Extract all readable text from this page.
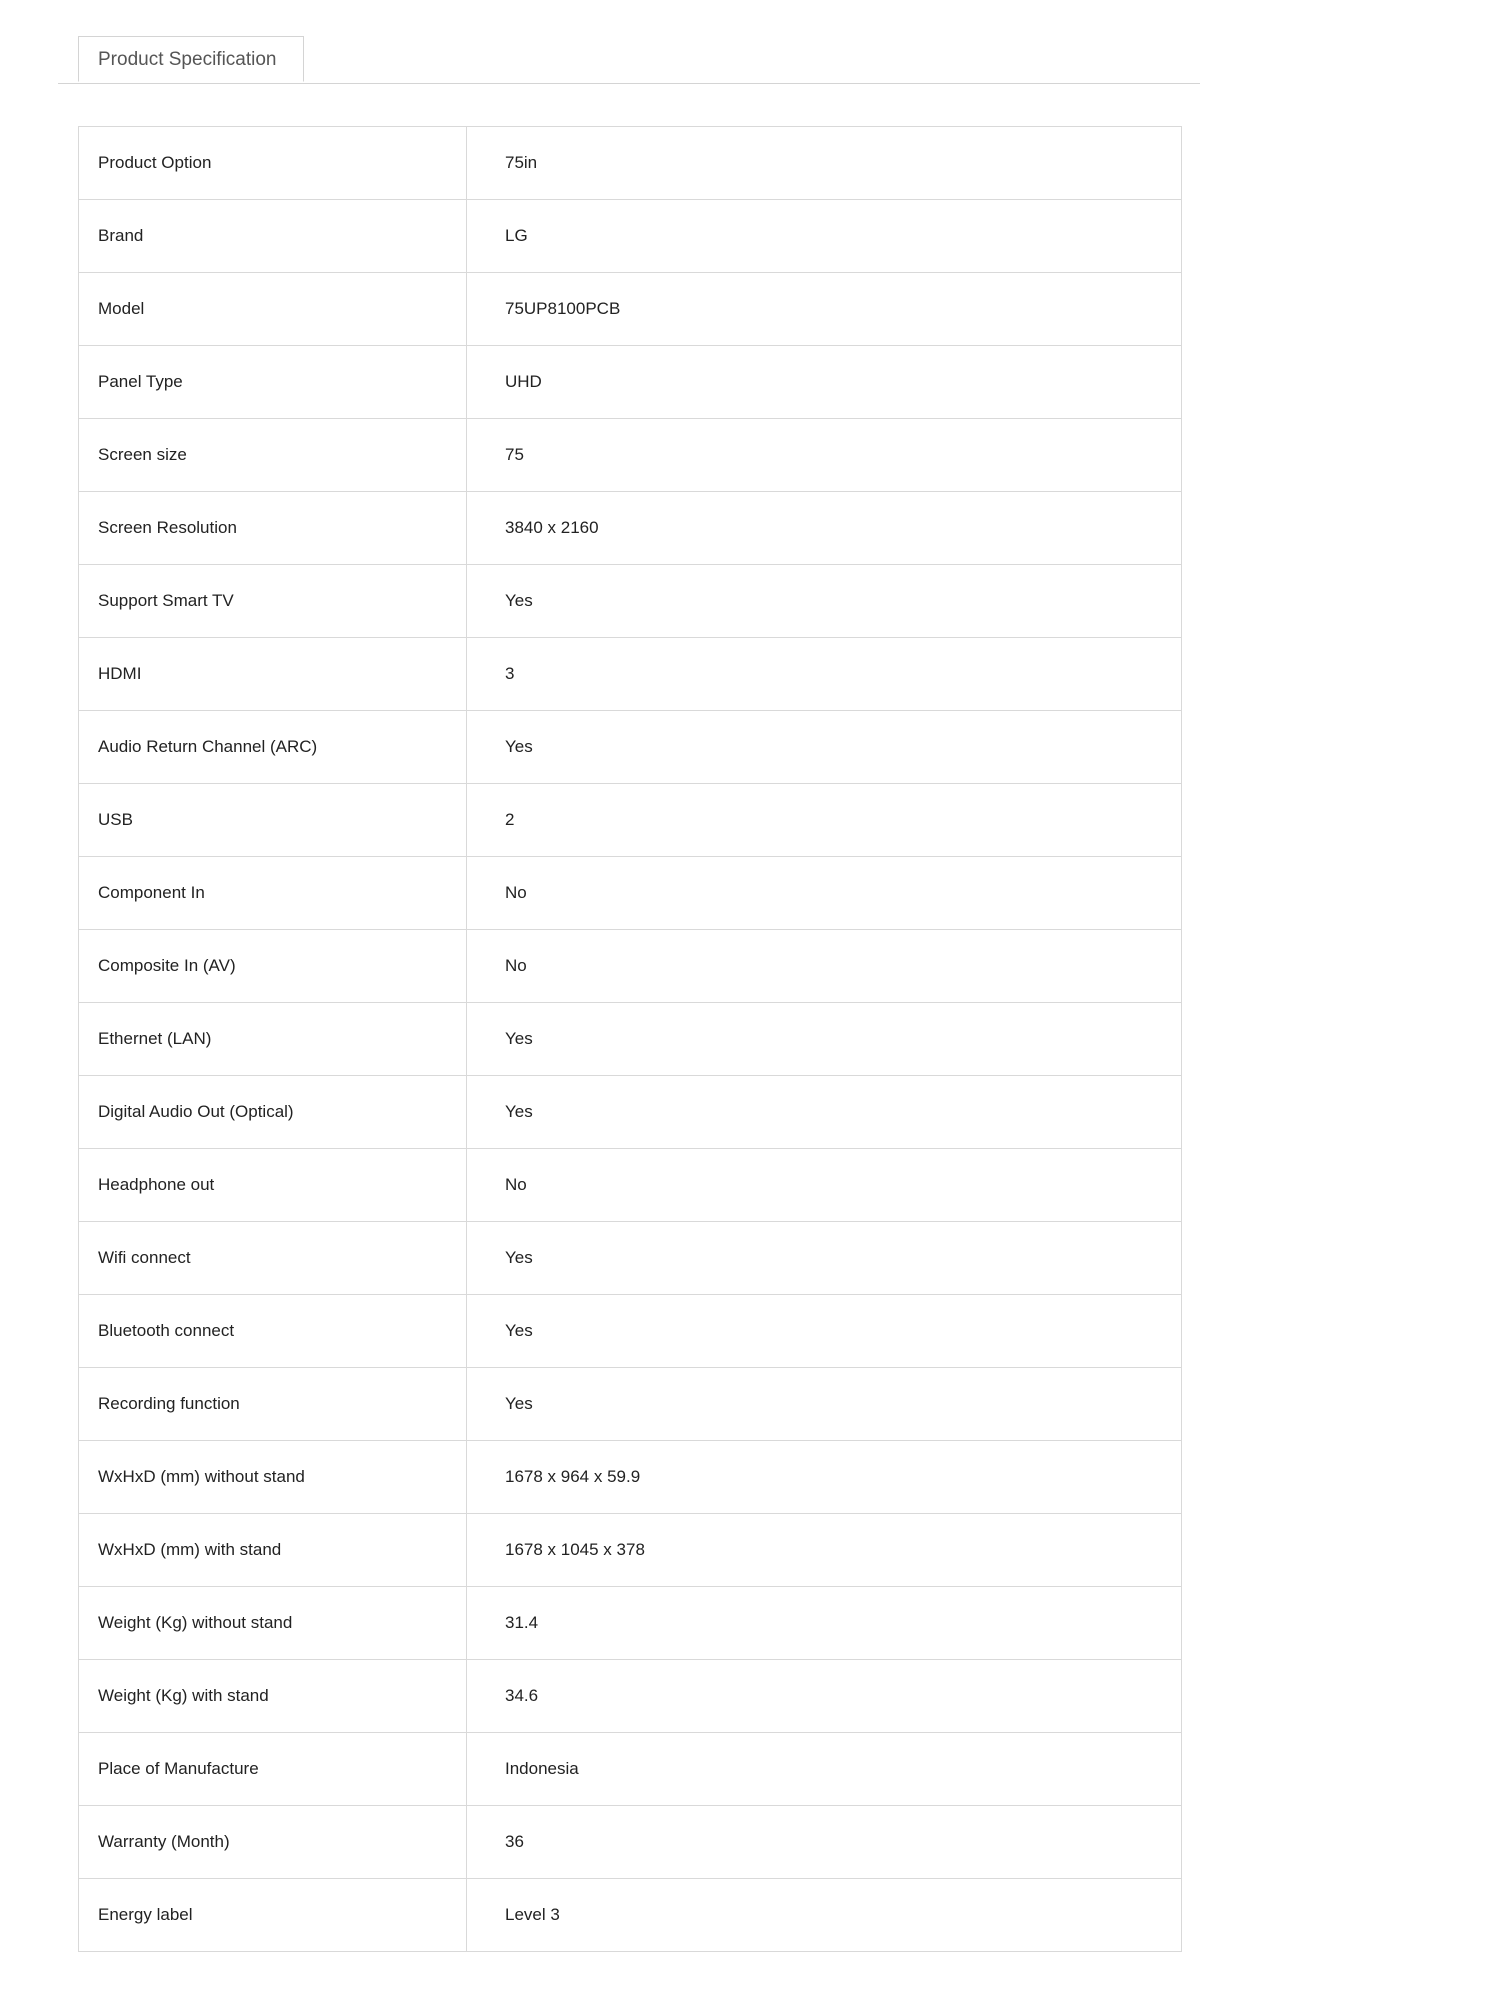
Product Specification
Product Option	75in
Brand	LG
Model	75UP8100PCB
Panel Type	UHD
Screen size	75
Screen Resolution	3840 x 2160
Support Smart TV	Yes
HDMI	3
Audio Return Channel (ARC)	Yes
USB	2
Component In	No
Composite In (AV)	No
Ethernet (LAN)	Yes
Digital Audio Out (Optical)	Yes
Headphone out	No
Wifi connect	Yes
Bluetooth connect	Yes
Recording function	Yes
WxHxD (mm) without stand	1678 x 964 x 59.9
WxHxD (mm) with stand	1678 x 1045 x 378
Weight (Kg) without stand	31.4
Weight (Kg) with stand	34.6
Place of Manufacture	Indonesia
Warranty (Month)	36
Energy label	Level 3
